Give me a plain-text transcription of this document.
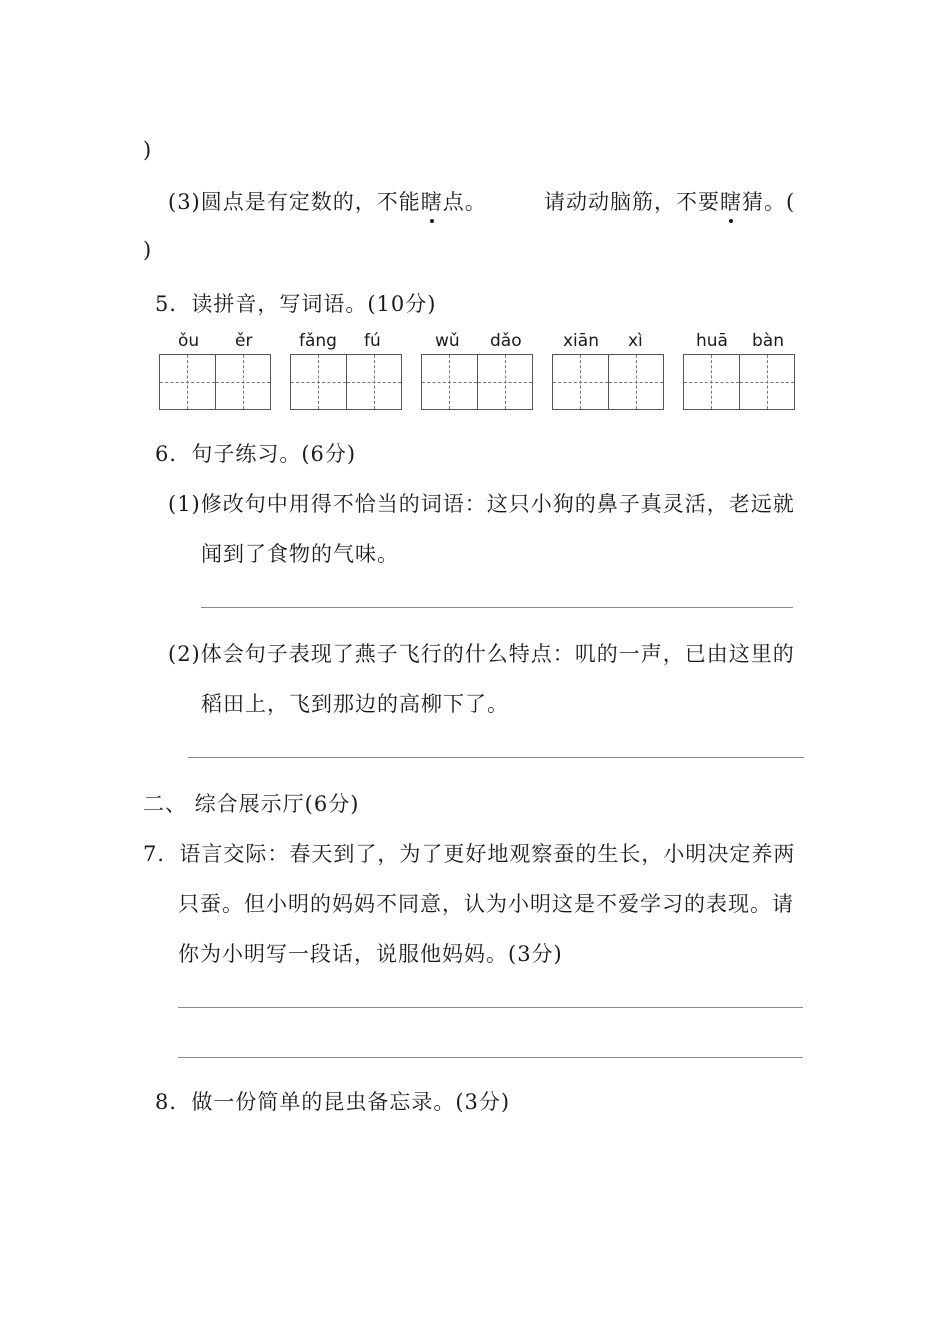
)
(3)圆点是有定数的，不能瞎点。	请动动脑筋，不要瞎猜。(
)
5．读拼音，写词语。(10分)
ǒu ěr	fǎng fú	wǔ dǎo xiān xì	huā bàn
6．句子练习。(6分)
(1)修改句中用得不恰当的词语：这只小狗的鼻子真灵活，老远就
闻到了食物的气味。
(2)体会句子表现了燕子飞行的什么特点：叽的一声，已由这里的
稻田上，飞到那边的高柳下了。
二、 综合展示厅(6分)
7．语言交际：春天到了，为了更好地观察蚕的生长，小明决定养两
只蚕。但小明的妈妈不同意，认为小明这是不爱学习的表现。请
你为小明写一段话，说服他妈妈。(3分)
8．做一份简单的昆虫备忘录。(3分)
